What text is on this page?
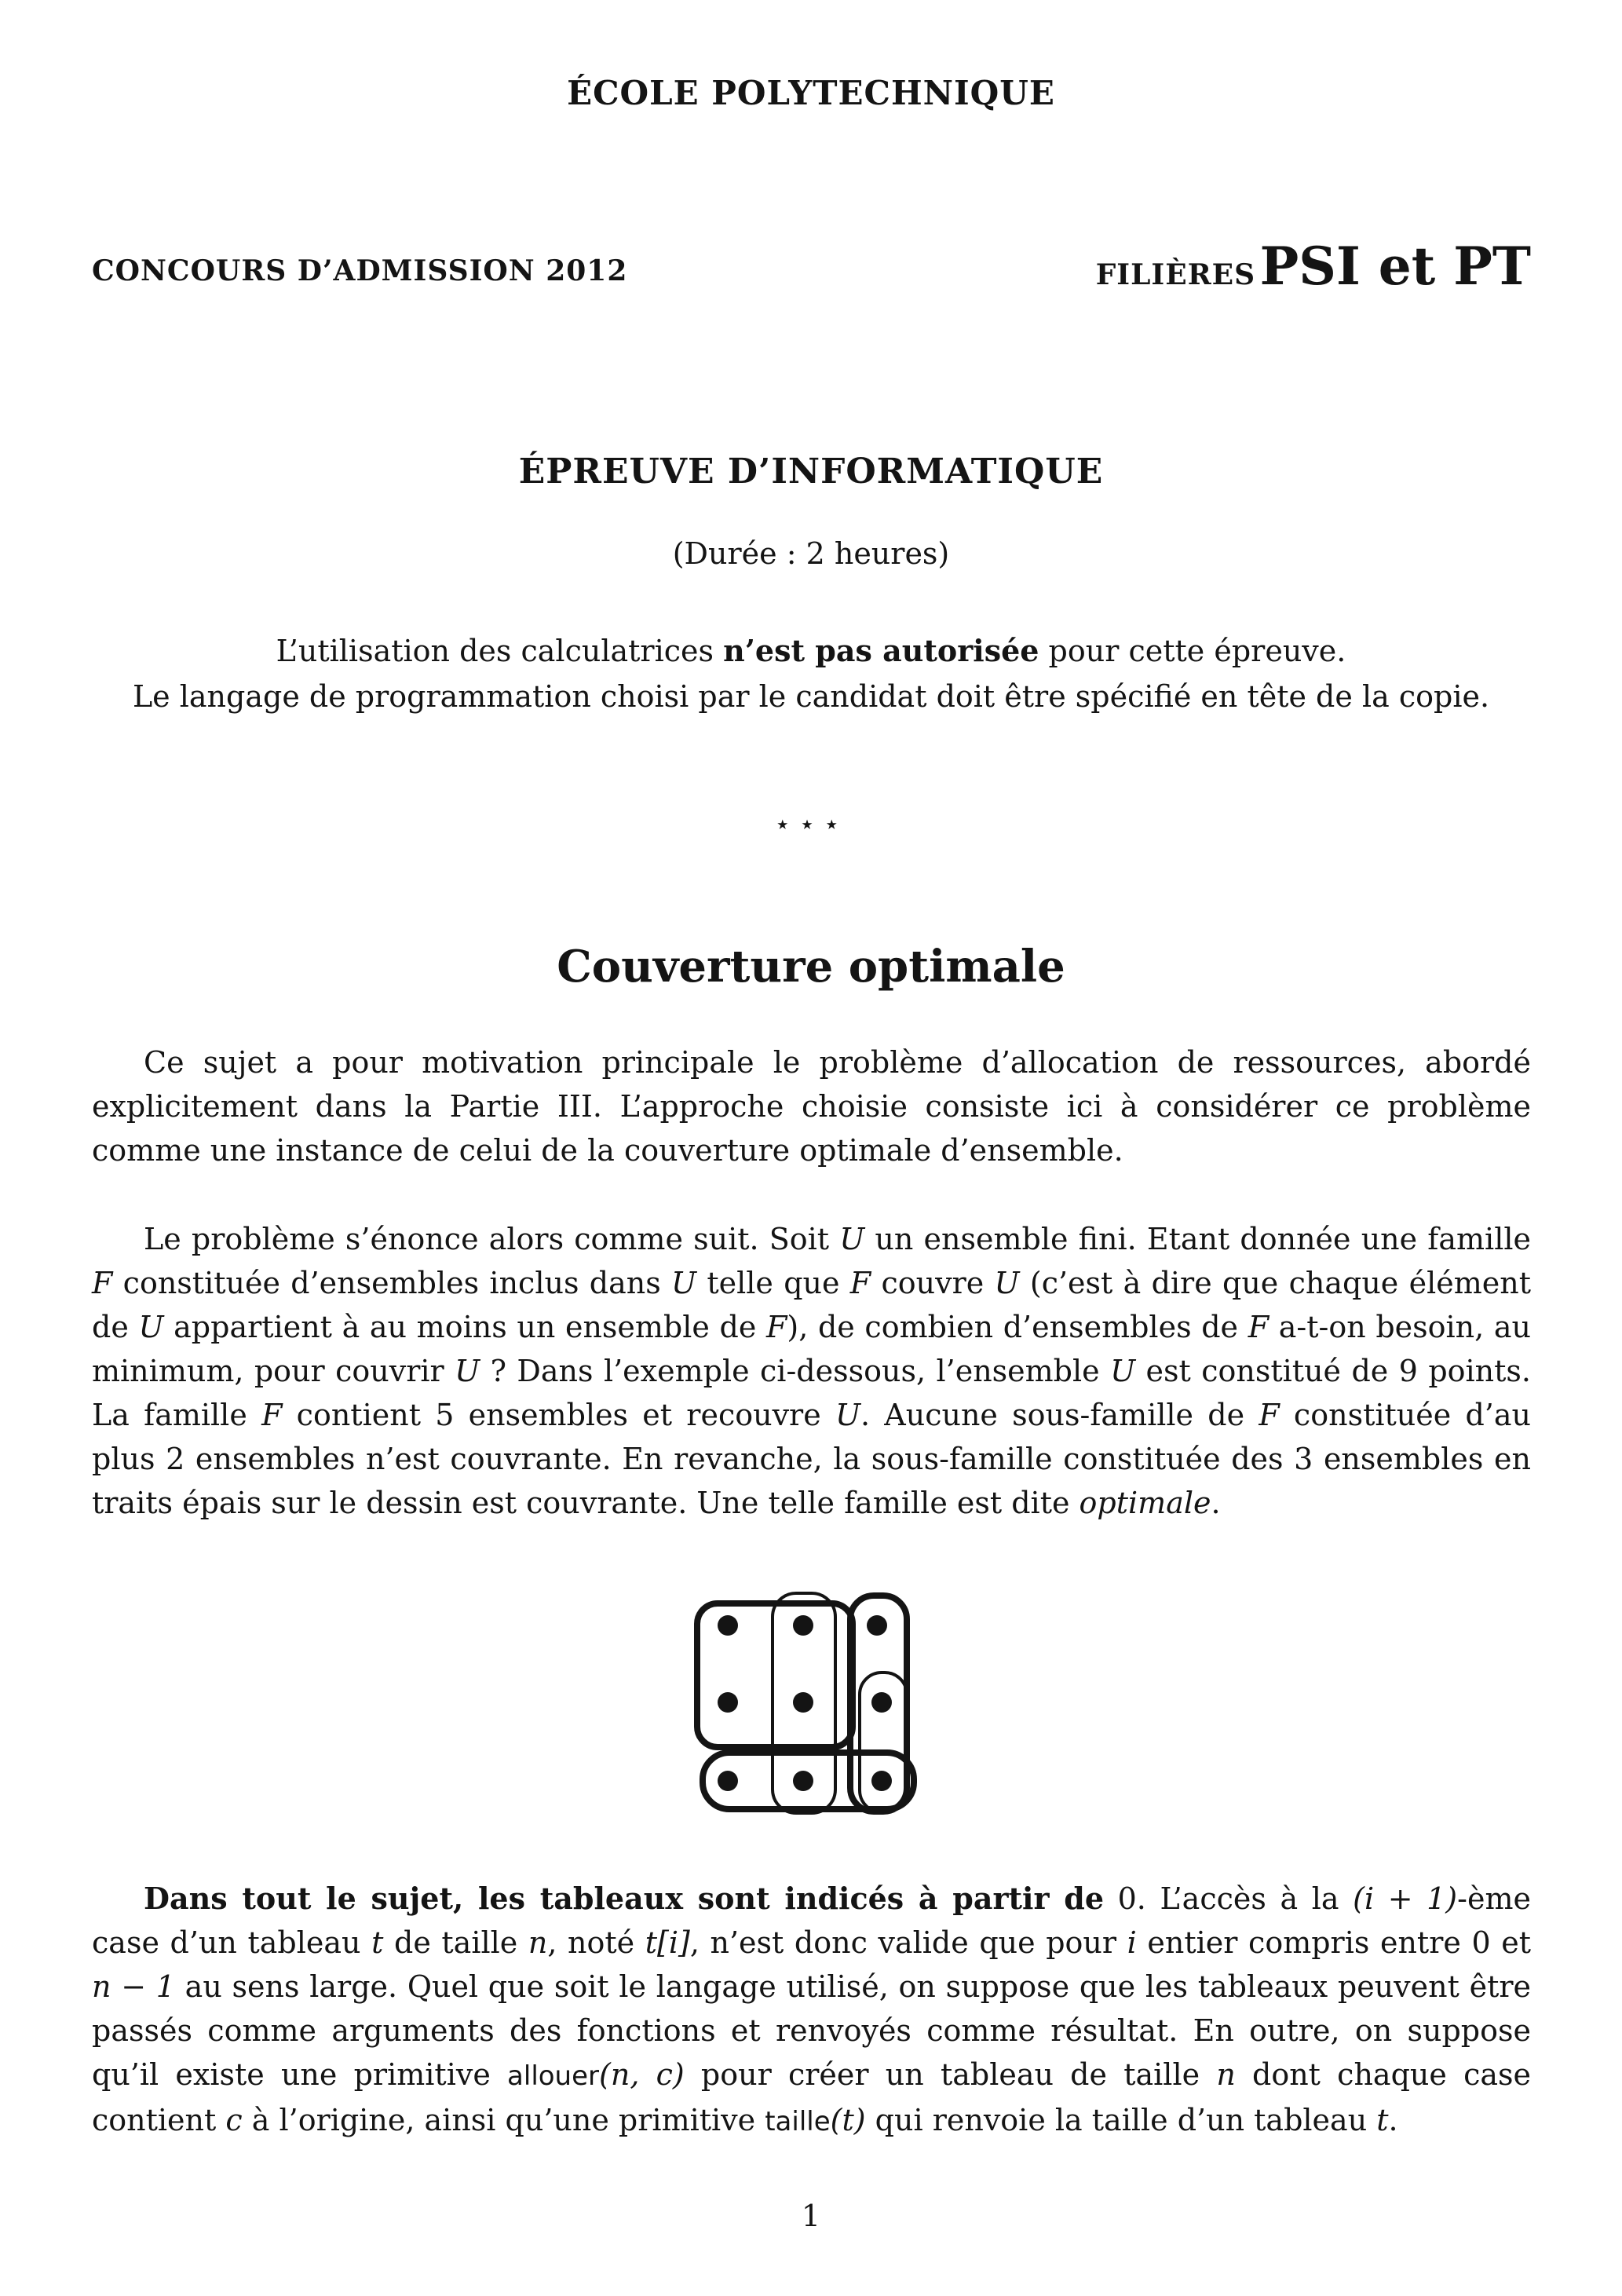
ÉCOLE POLYTECHNIQUE
CONCOURS D’ADMISSION 2012	FILIÈRES PSI et PT
ÉPREUVE D’INFORMATIQUE
(Durée : 2 heures)
L’utilisation des calculatrices n’est pas autorisée pour cette épreuve.
Le langage de programmation choisi par le candidat doit être spécifié en tête de la copie.
⋆⋆⋆
Couverture optimale

Ce sujet a pour motivation principale le problème d’allocation de ressources, abordé explicitement dans la Partie III. L’approche choisie consiste ici à considérer ce problème comme une instance de celui de la couverture optimale d’ensemble.

Le problème s’énonce alors comme suit. Soit U un ensemble fini. Etant donnée une famille F constituée d’ensembles inclus dans U telle que F couvre U (c’est à dire que chaque élément de U appartient à au moins un ensemble de F), de combien d’ensembles de F a-t-on besoin, au minimum, pour couvrir U ? Dans l’exemple ci-dessous, l’ensemble U est constitué de 9 points. La famille F contient 5 ensembles et recouvre U. Aucune sous-famille de F constituée d’au plus 2 ensembles n’est couvrante. En revanche, la sous-famille constituée des 3 ensembles en traits épais sur le dessin est couvrante. Une telle famille est dite optimale.

Dans tout le sujet, les tableaux sont indicés à partir de 0. L’accès à la (i + 1)-ème case d’un tableau t de taille n, noté t[i], n’est donc valide que pour i entier compris entre 0 et n − 1 au sens large. Quel que soit le langage utilisé, on suppose que les tableaux peuvent être passés comme arguments des fonctions et renvoyés comme résultat. En outre, on suppose qu’il existe une primitive allouer(n, c) pour créer un tableau de taille n dont chaque case contient c à l’origine, ainsi qu’une primitive taille(t) qui renvoie la taille d’un tableau t.

1
